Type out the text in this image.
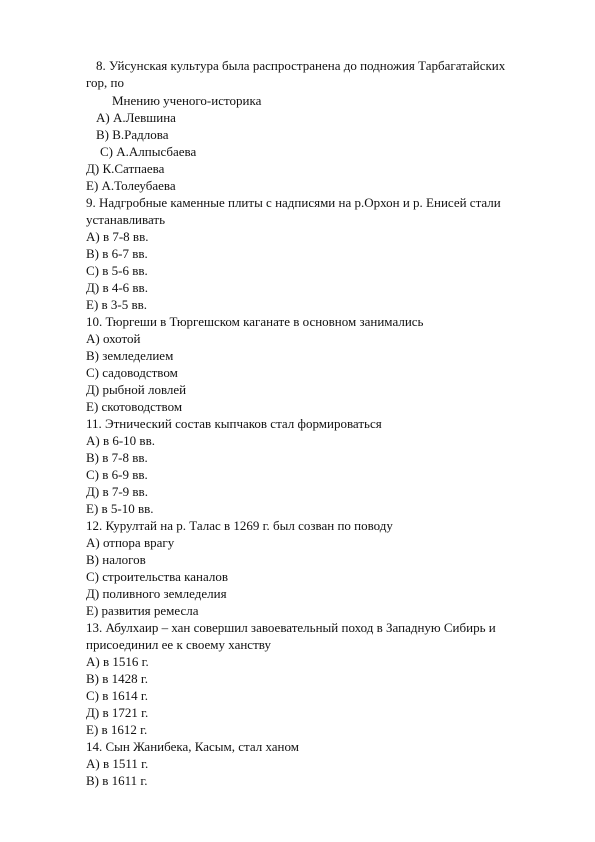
8. Уйсунская культура была распространена до подножия Тарбагатайских
гор, по
Мнению ученого-историка
А) А.Левшина
В) В.Радлова
С) А.Алпысбаева
Д) К.Сатпаева
Е) А.Толеубаева
9. Надгробные каменные плиты с надписями на р.Орхон и р. Енисей стали
устанавливать
А) в 7-8 вв.
В) в 6-7 вв.
С) в 5-6 вв.
Д) в 4-6 вв.
Е) в 3-5 вв.
10. Тюргеши в Тюргешском каганате в основном занимались
А) охотой
В) земледелием
С) садоводством
Д) рыбной ловлей
Е) скотоводством
11. Этнический состав кыпчаков стал формироваться
А) в 6-10 вв.
В) в 7-8 вв.
С) в 6-9 вв.
Д) в 7-9 вв.
Е) в 5-10 вв.
12. Курултай на р. Талас в 1269 г. был созван по поводу
А) отпора врагу
В) налогов
С) строительства каналов
Д) поливного земледелия
Е) развития ремесла
13. Абулхаир – хан совершил завоевательный поход в Западную Сибирь и
присоединил ее к своему ханству
А) в 1516 г.
В) в 1428 г.
С) в 1614 г.
Д) в 1721 г.
Е) в 1612 г.
14. Сын Жанибека, Касым, стал ханом
А) в 1511 г.
В) в 1611 г.
